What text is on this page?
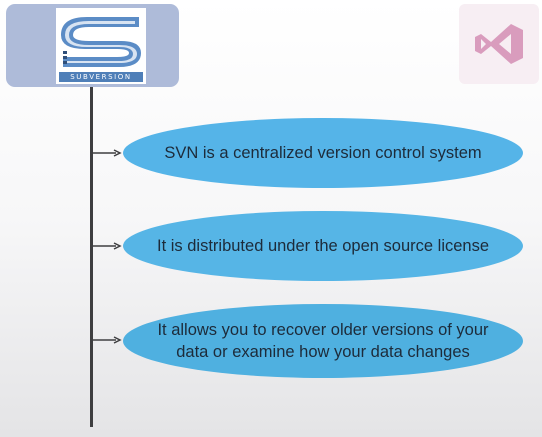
SUBVERSION
SVN is a centralized version control system
It is distributed under the open source license
It allows you to recover older versions of your data or examine how your data changes
